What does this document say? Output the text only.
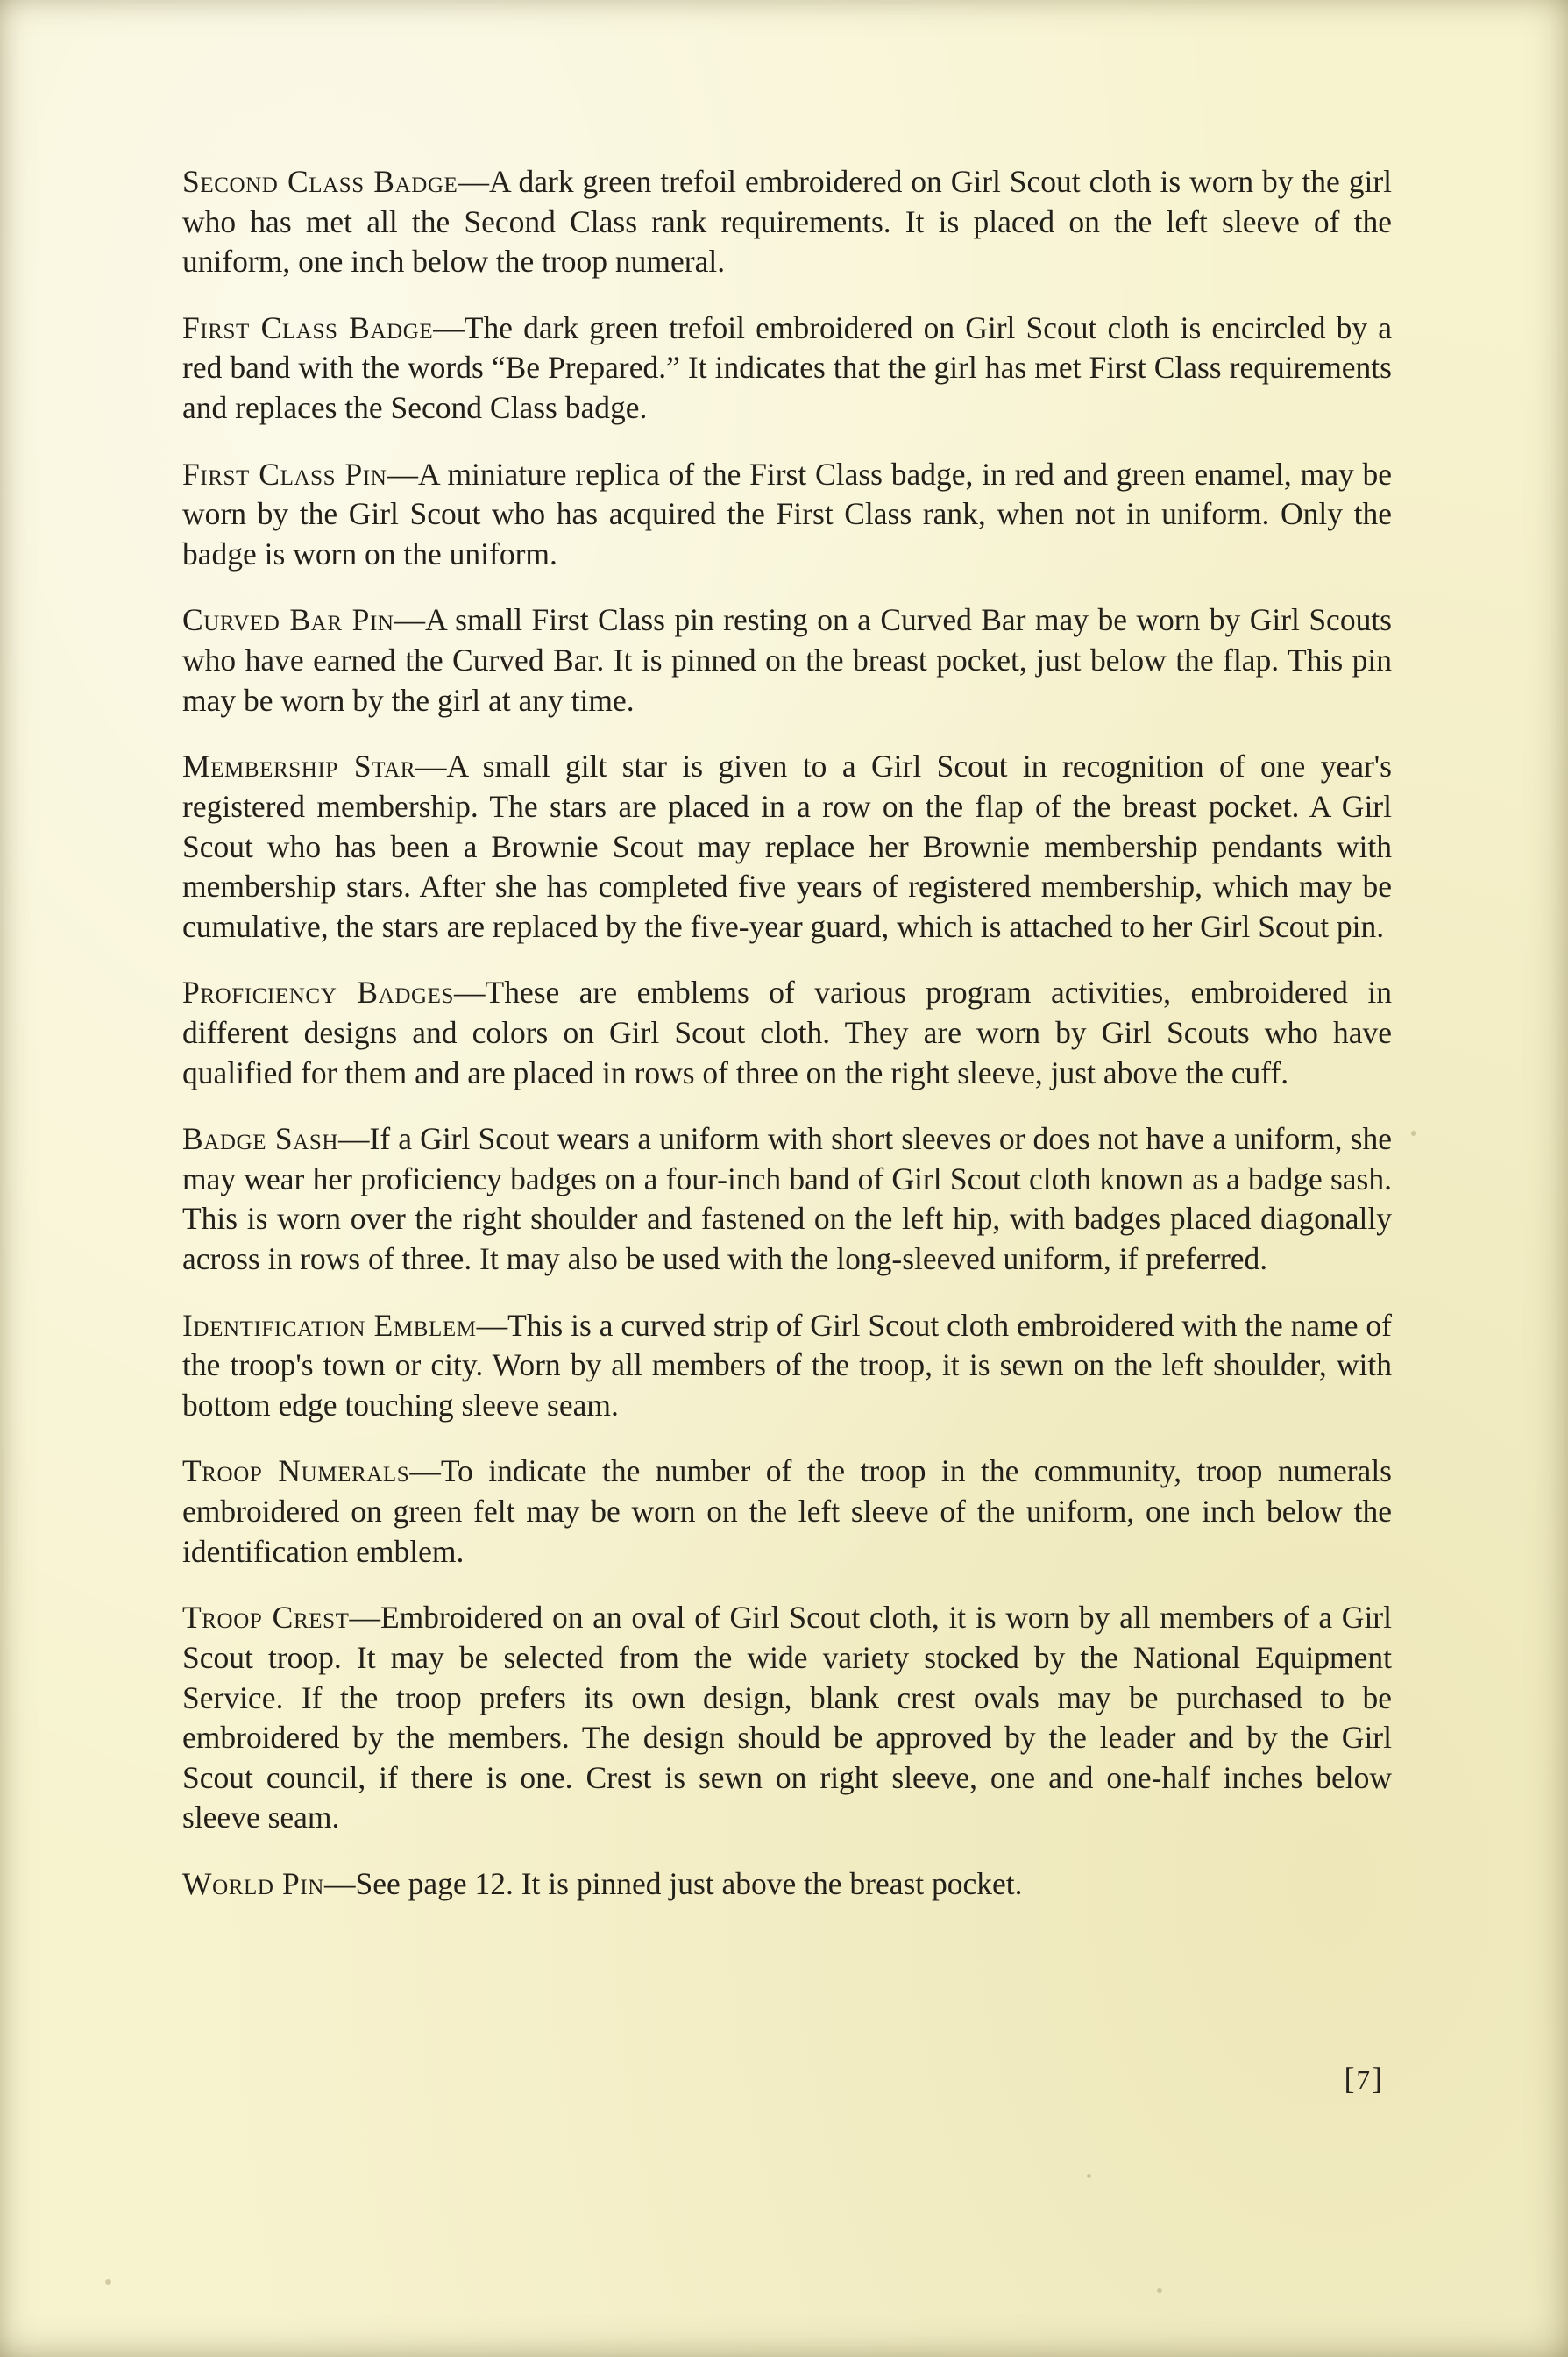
Second Class Badge—A dark green trefoil embroidered on Girl Scout cloth is worn by the girl who has met all the Second Class rank requirements. It is placed on the left sleeve of the uniform, one inch below the troop numeral.

First Class Badge—The dark green trefoil embroidered on Girl Scout cloth is encircled by a red band with the words “Be Prepared.” It indicates that the girl has met First Class requirements and replaces the Second Class badge.

First Class Pin—A miniature replica of the First Class badge, in red and green enamel, may be worn by the Girl Scout who has acquired the First Class rank, when not in uniform. Only the badge is worn on the uniform.

Curved Bar Pin—A small First Class pin resting on a Curved Bar may be worn by Girl Scouts who have earned the Curved Bar. It is pinned on the breast pocket, just below the flap. This pin may be worn by the girl at any time.

Membership Star—A small gilt star is given to a Girl Scout in recognition of one year's registered membership. The stars are placed in a row on the flap of the breast pocket. A Girl Scout who has been a Brownie Scout may replace her Brownie membership pendants with membership stars. After she has completed five years of registered membership, which may be cumulative, the stars are replaced by the five-year guard, which is attached to her Girl Scout pin.

Proficiency Badges—These are emblems of various program activities, embroidered in different designs and colors on Girl Scout cloth. They are worn by Girl Scouts who have qualified for them and are placed in rows of three on the right sleeve, just above the cuff.

Badge Sash—If a Girl Scout wears a uniform with short sleeves or does not have a uniform, she may wear her proficiency badges on a four-inch band of Girl Scout cloth known as a badge sash. This is worn over the right shoulder and fastened on the left hip, with badges placed diagonally across in rows of three. It may also be used with the long-sleeved uniform, if preferred.

Identification Emblem—This is a curved strip of Girl Scout cloth embroidered with the name of the troop's town or city. Worn by all members of the troop, it is sewn on the left shoulder, with bottom edge touching sleeve seam.

Troop Numerals—To indicate the number of the troop in the community, troop numerals embroidered on green felt may be worn on the left sleeve of the uniform, one inch below the identification emblem.

Troop Crest—Embroidered on an oval of Girl Scout cloth, it is worn by all members of a Girl Scout troop. It may be selected from the wide variety stocked by the National Equipment Service. If the troop prefers its own design, blank crest ovals may be purchased to be embroidered by the members. The design should be approved by the leader and by the Girl Scout council, if there is one. Crest is sewn on right sleeve, one and one-half inches below sleeve seam.

World Pin—See page 12. It is pinned just above the breast pocket.

[7]
